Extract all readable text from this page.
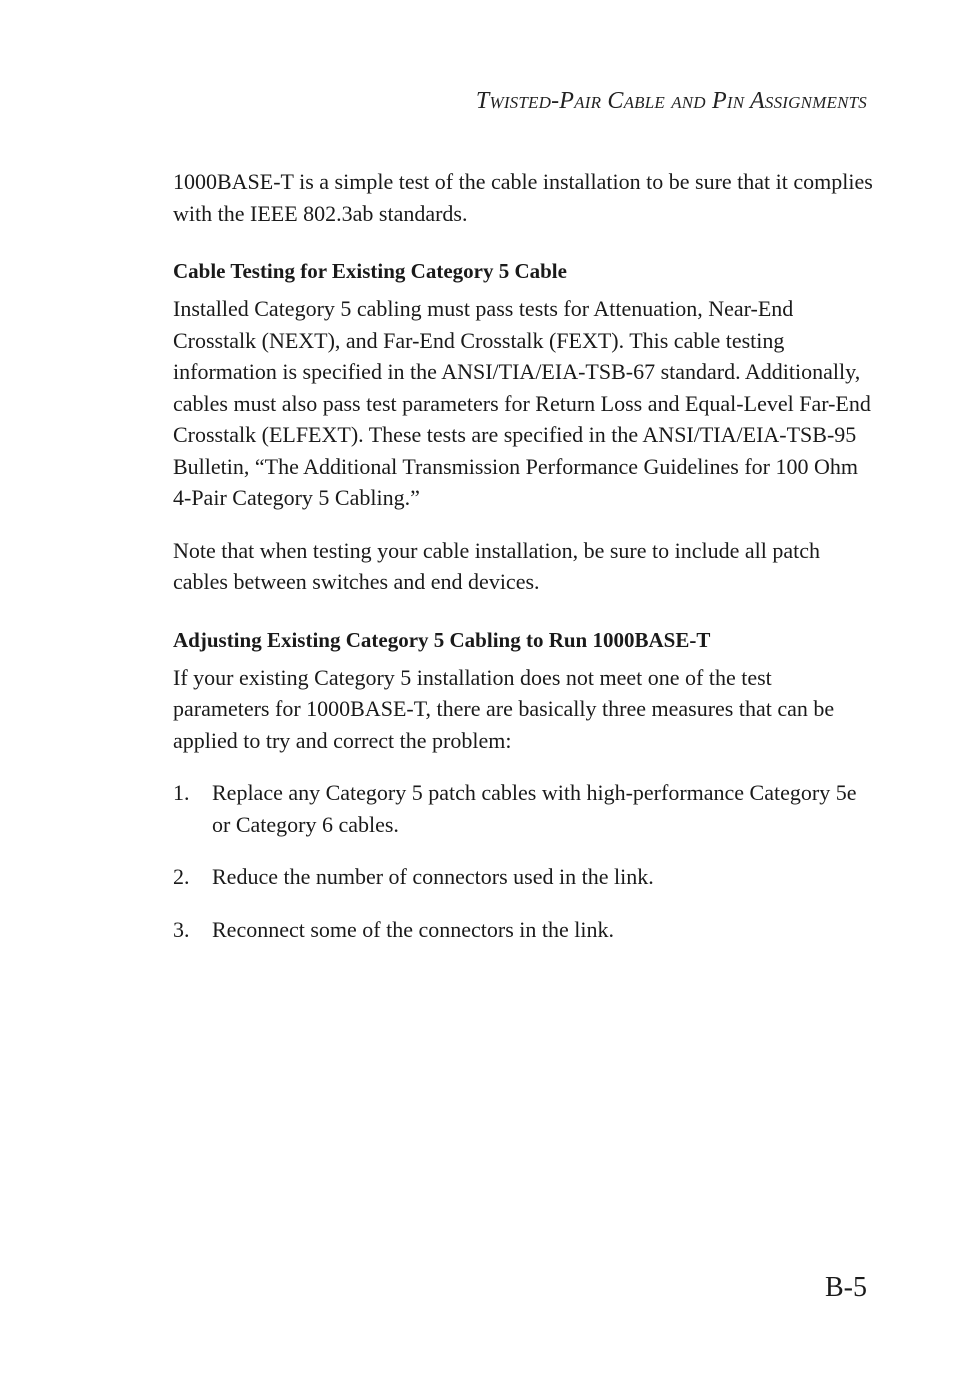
Twisted-Pair Cable and Pin Assignments

1000BASE-T is a simple test of the cable installation to be sure that it complies with the IEEE 802.3ab standards.

Cable Testing for Existing Category 5 Cable

Installed Category 5 cabling must pass tests for Attenuation, Near-End Crosstalk (NEXT), and Far-End Crosstalk (FEXT). This cable testing information is specified in the ANSI/TIA/EIA-TSB-67 standard. Additionally, cables must also pass test parameters for Return Loss and Equal-Level Far-End Crosstalk (ELFEXT). These tests are specified in the ANSI/TIA/EIA-TSB-95 Bulletin, “The Additional Transmission Performance Guidelines for 100 Ohm 4-Pair Category 5 Cabling.”

Note that when testing your cable installation, be sure to include all patch cables between switches and end devices.

Adjusting Existing Category 5 Cabling to Run 1000BASE-T

If your existing Category 5 installation does not meet one of the test parameters for 1000BASE-T, there are basically three measures that can be applied to try and correct the problem:

1.	Replace any Category 5 patch cables with high-performance Category 5e or Category 6 cables.
2.	Reduce the number of connectors used in the link.
3.	Reconnect some of the connectors in the link.
B-5
